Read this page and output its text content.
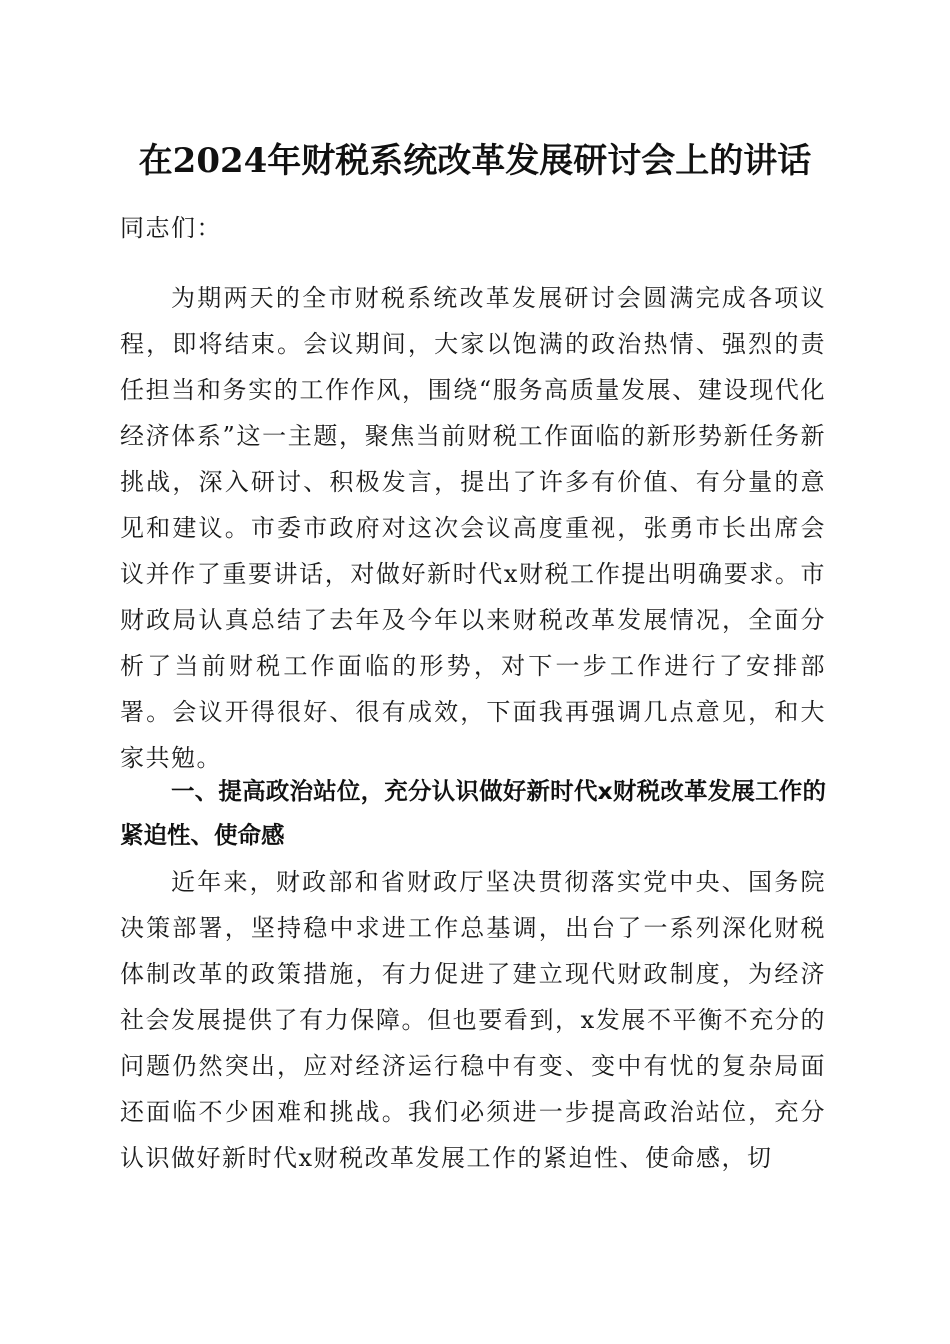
在2024年财税系统改革发展研讨会上的讲话
同志们：
为期两天的全市财税系统改革发展研讨会圆满完成各项议程，即将结束。会议期间，大家以饱满的政治热情、强烈的责任担当和务实的工作作风，围绕“服务高质量发展、建设现代化经济体系”这一主题，聚焦当前财税工作面临的新形势新任务新挑战，深入研讨、积极发言，提出了许多有价值、有分量的意见和建议。市委市政府对这次会议高度重视，张勇市长出席会议并作了重要讲话，对做好新时代x财税工作提出明确要求。市财政局认真总结了去年及今年以来财税改革发展情况，全面分析了当前财税工作面临的形势，对下一步工作进行了安排部署。会议开得很好、很有成效，下面我再强调几点意见，和大家共勉。
一、提高政治站位，充分认识做好新时代x财税改革发展工作的紧迫性、使命感
近年来，财政部和省财政厅坚决贯彻落实党中央、国务院决策部署，坚持稳中求进工作总基调，出台了一系列深化财税体制改革的政策措施，有力促进了建立现代财政制度，为经济社会发展提供了有力保障。但也要看到，x发展不平衡不充分的问题仍然突出，应对经济运行稳中有变、变中有忧的复杂局面还面临不少困难和挑战。我们必须进一步提高政治站位，充分认识做好新时代x财税改革发展工作的紧迫性、使命感，切
